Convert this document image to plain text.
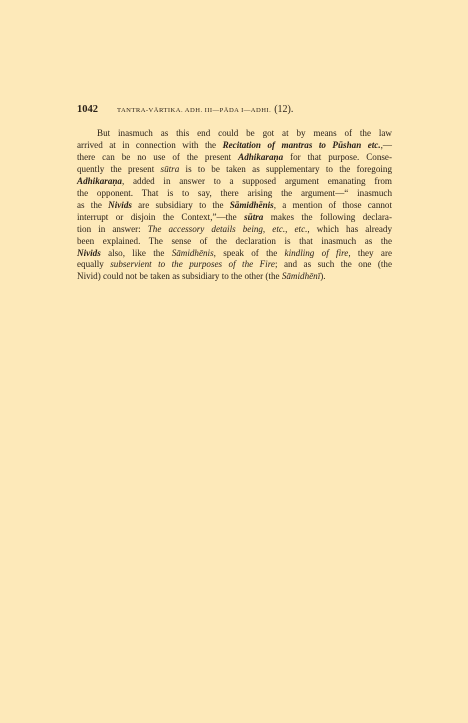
1042	TANTRA-VĀRTIKA. ADH. III—PĀDA I—ADHI. (12).
But inasmuch as this end could be got at by means of the law
arrived at in connection with the Recitation of mantras to Pūshan etc.,—
there can be no use of the present Adhikaraṇa for that purpose. Conse-
quently the present sūtra is to be taken as supplementary to the foregoing
Adhikaraṇa, added in answer to a supposed argument emanating from
the opponent. That is to say, there arising the argument—“ inasmuch
as the Nivids are subsidiary to the Sāmidhēnis, a mention of those cannot
interrupt or disjoin the Context,”—the sūtra makes the following declara-
tion in answer: The accessory details being, etc., etc., which has already
been explained. The sense of the declaration is that inasmuch as the
Nivids also, like the Sāmidhēnis, speak of the kindling of fire, they are
equally subservient to the purposes of the Fire; and as such the one (the
Nivid) could not be taken as subsidiary to the other (the Sāmidhēnī).
